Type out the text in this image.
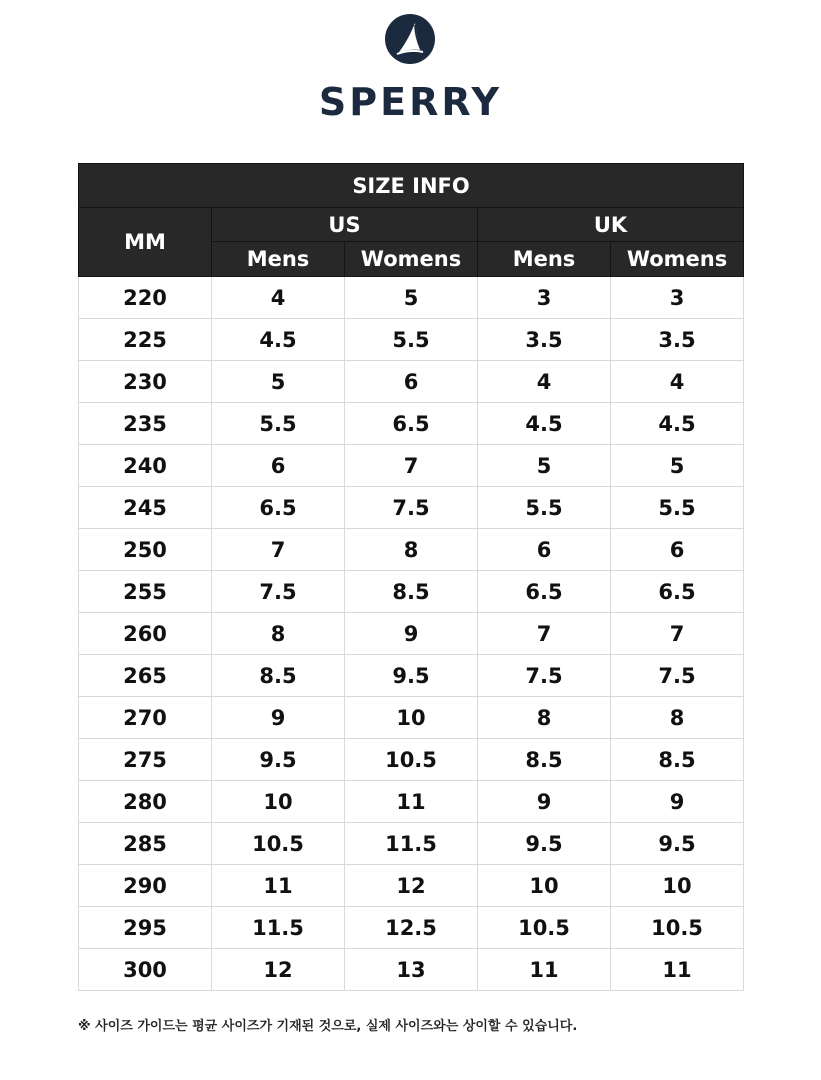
SPERRY
SIZE INFO				
MM	US		UK	
	Mens	Womens	Mens	Womens
220	4	5	3	3
225	4.5	5.5	3.5	3.5
230	5	6	4	4
235	5.5	6.5	4.5	4.5
240	6	7	5	5
245	6.5	7.5	5.5	5.5
250	7	8	6	6
255	7.5	8.5	6.5	6.5
260	8	9	7	7
265	8.5	9.5	7.5	7.5
270	9	10	8	8
275	9.5	10.5	8.5	8.5
280	10	11	9	9
285	10.5	11.5	9.5	9.5
290	11	12	10	10
295	11.5	12.5	10.5	10.5
300	12	13	11	11
※ 사이즈 가이드는 평균 사이즈가 기재된 것으로, 실제 사이즈와는 상이할 수 있습니다.
